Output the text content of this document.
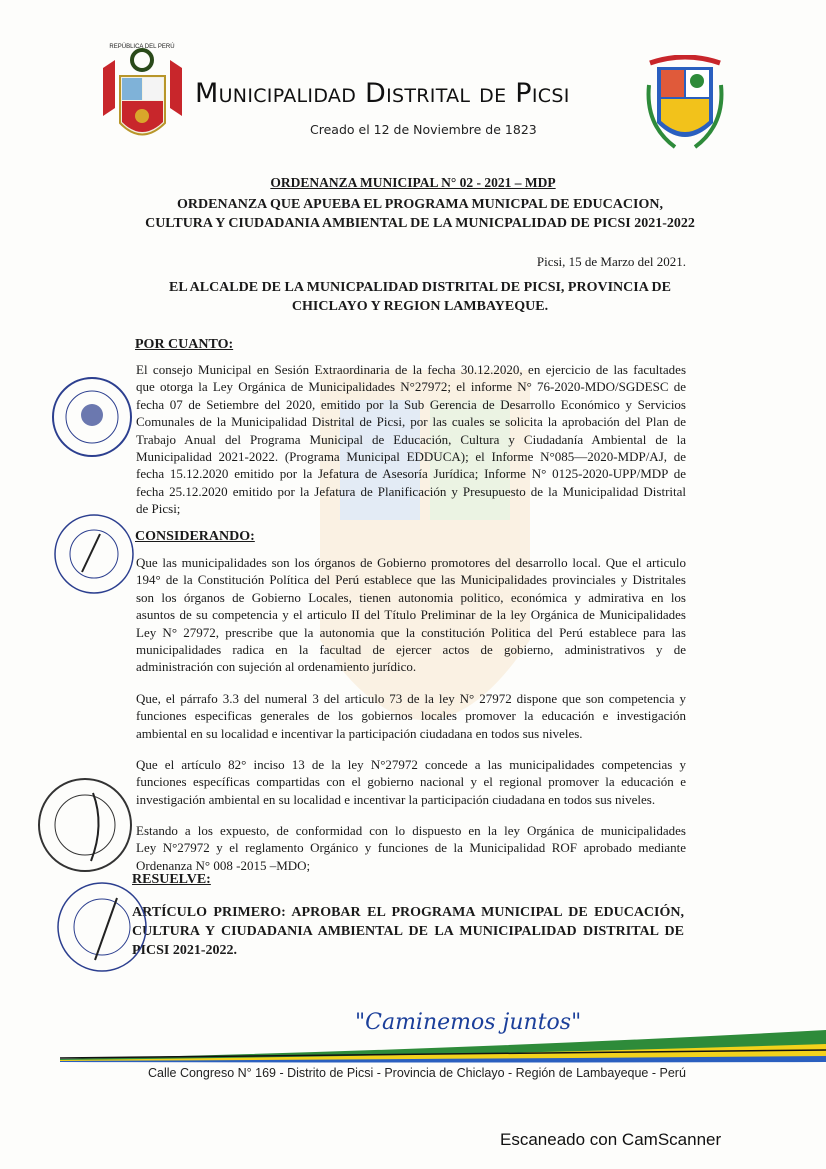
REPÚBLICA DEL PERÚ
Municipalidad Distrital de Picsi
Creado el 12 de Noviembre de 1823
ORDENANZA MUNICIPAL N° 02 - 2021 – MDP
ORDENANZA QUE APUEBA EL PROGRAMA MUNICPAL DE EDUCACION,
CULTURA Y CIUDADANIA AMBIENTAL DE LA MUNICPALIDAD DE PICSI 2021-2022
Picsi, 15 de Marzo del 2021.
EL ALCALDE DE LA MUNICPALIDAD DISTRITAL DE PICSI, PROVINCIA DE
CHICLAYO Y REGION LAMBAYEQUE.
POR CUANTO:
El consejo Municipal en Sesión Extraordinaria de la fecha 30.12.2020, en ejercicio de las facultades
que otorga la Ley Orgánica de Municipalidades N°27972; el informe N° 76-2020-MDO/SGDESC de
fecha 07 de Setiembre del 2020, emitido por la Sub Gerencia de Desarrollo Económico y Servicios
Comunales de la Municipalidad Distrital de Picsi, por las cuales se solicita la aprobación del Plan de
Trabajo Anual del Programa Municipal de Educación, Cultura y Ciudadanía Ambiental de la
Municipalidad 2021-2022. (Programa Municipal EDDUCA); el Informe N°085—2020-MDP/AJ, de
fecha 15.12.2020 emitido por la Jefatura de Asesoría Jurídica; Informe N° 0125-2020-UPP/MDP de
fecha 25.12.2020 emitido por la Jefatura de Planificación y Presupuesto de la Municipalidad Distrital
de Picsi;
CONSIDERANDO:
Que las municipalidades son los órganos de Gobierno promotores del desarrollo local. Que el articulo
194° de la Constitución Política del Perú establece que las Municipalidades provinciales y Distritales
son los órganos de Gobierno Locales, tienen autonomia politico, económica y admirativa en los
asuntos de su competencia y el articulo II del Título Preliminar de la ley Orgánica de Municipalidades
Ley N° 27972, prescribe que la autonomia que la constitución Politica del Perú establece para las
municipalidades radica en la facultad de ejercer actos de gobierno, administrativos y de
administración con sujeción al ordenamiento jurídico.
Que, el párrafo 3.3 del numeral 3 del articulo 73 de la ley N° 27972 dispone que son competencia y
funciones especificas generales de los gobiernos locales promover la educación e investigación
ambiental en su localidad e incentivar la participación ciudadana en todos sus niveles.
Que el artículo 82° inciso 13 de la ley N°27972 concede a las municipalidades competencias y
funciones específicas compartidas con el gobierno nacional y el regional promover la educación e
investigación ambiental en su localidad e incentivar la participación ciudadana en todos sus niveles.
Estando a los expuesto, de conformidad con lo dispuesto en la ley Orgánica de municipalidades
Ley N°27972 y el reglamento Orgánico y funciones de la Municipalidad ROF aprobado mediante
Ordenanza N° 008 -2015 –MDO;
RESUELVE:
ARTÍCULO PRIMERO: APROBAR EL PROGRAMA MUNICIPAL DE EDUCACIÓN,
CULTURA Y CIUDADANIA AMBIENTAL DE LA MUNICIPALIDAD DISTRITAL DE
PICSI 2021-2022.
"Caminemos juntos"
Calle Congreso N° 169 - Distrito de Picsi - Provincia de Chiclayo - Región de Lambayeque - Perú
Escaneado con CamScanner
